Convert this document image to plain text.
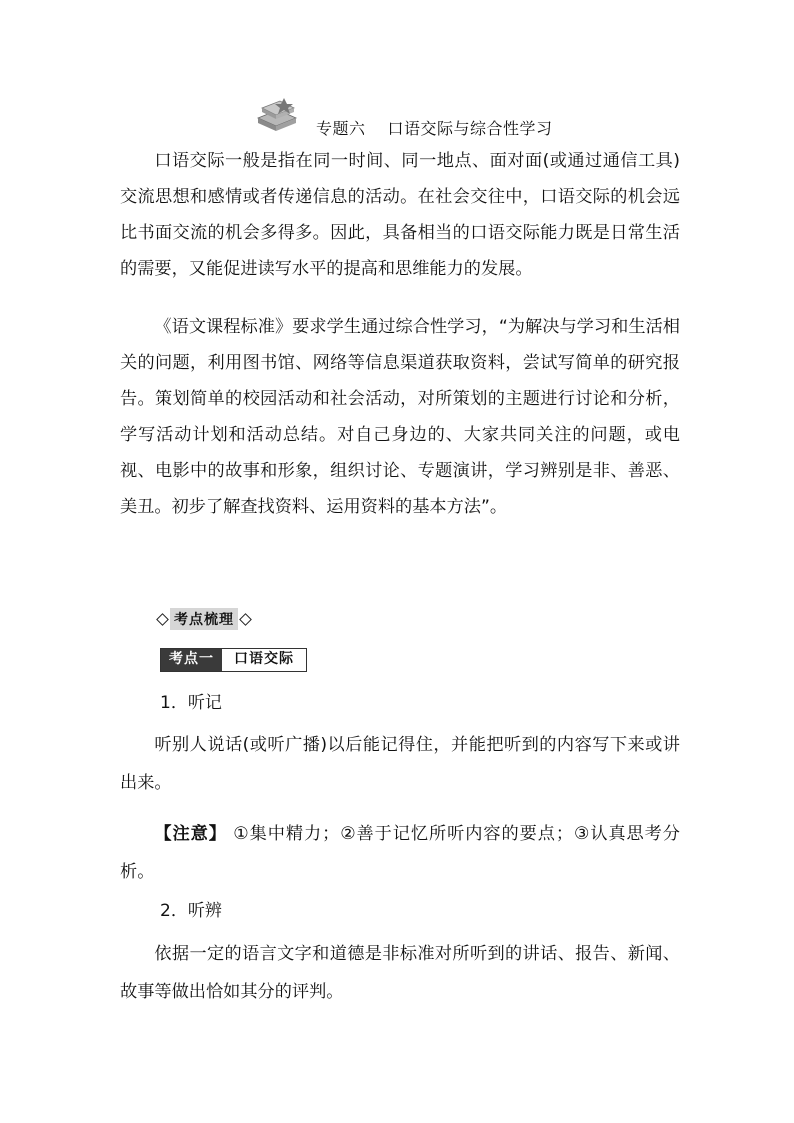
专题六 口语交际与综合性学习

口语交际一般是指在同一时间、同一地点、面对面(或通过通信工具)交流思想和感情或者传递信息的活动。在社会交往中，口语交际的机会远比书面交流的机会多得多。因此，具备相当的口语交际能力既是日常生活的需要，又能促进读写水平的提高和思维能力的发展。

《语文课程标准》要求学生通过综合性学习，“为解决与学习和生活相关的问题，利用图书馆、网络等信息渠道获取资料，尝试写简单的研究报告。策划简单的校园活动和社会活动，对所策划的主题进行讨论和分析，学写活动计划和活动总结。对自己身边的、大家共同关注的问题，或电视、电影中的故事和形象，组织讨论、专题演讲，学习辨别是非、善恶、美丑。初步了解查找资料、运用资料的基本方法”。

考点梳理
考点一	口语交际
1．听记

听别人说话(或听广播)以后能记得住，并能把听到的内容写下来或讲出来。

【注意】 ①集中精力；②善于记忆所听内容的要点；③认真思考分析。

2．听辨

依据一定的语言文字和道德是非标准对所听到的讲话、报告、新闻、故事等做出恰如其分的评判。
